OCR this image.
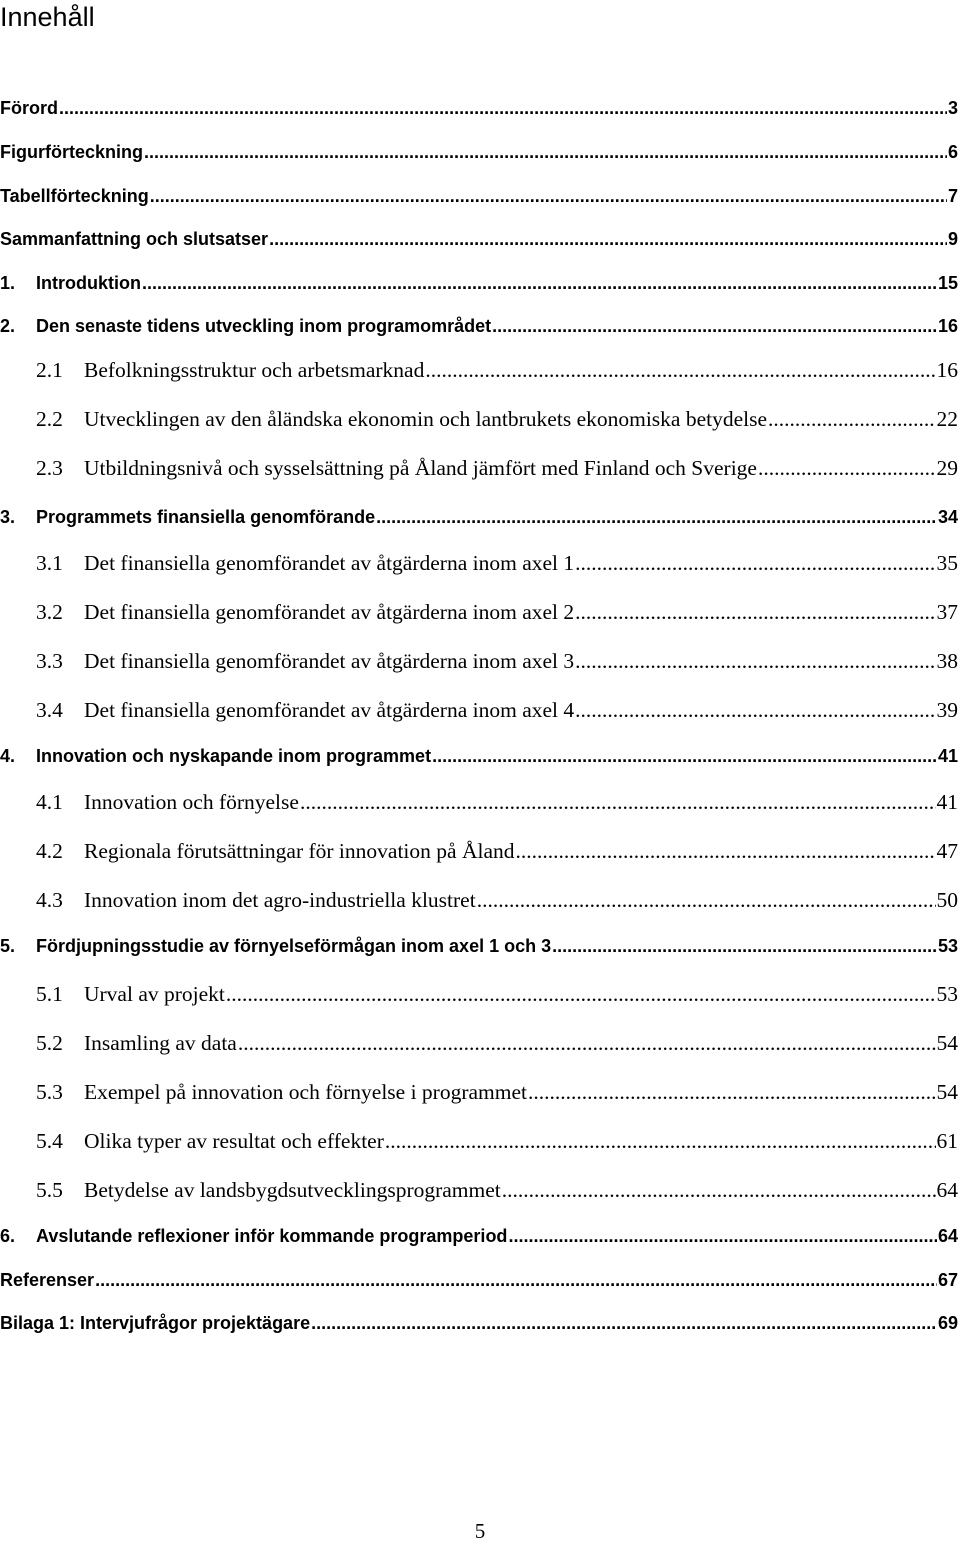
Innehåll
Förord .....	3
Figurförteckning .....	6
Tabellförteckning .....	7
Sammanfattning och slutsatser .....	9
1.	Introduktion .....	15
2.	Den senaste tidens utveckling inom programområdet .....	16
2.1 Befolkningsstruktur och arbetsmarknad .....	16
2.2 Utvecklingen av den åländska ekonomin och lantbrukets ekonomiska betydelse .....	22
2.3 Utbildningsnivå och sysselsättning på Åland jämfört med Finland och Sverige .....	29
3.	Programmets finansiella genomförande .....	34
3.1 Det finansiella genomförandet av åtgärderna inom axel 1 .....	35
3.2 Det finansiella genomförandet av åtgärderna inom axel 2 .....	37
3.3 Det finansiella genomförandet av åtgärderna inom axel 3 .....	38
3.4 Det finansiella genomförandet av åtgärderna inom axel 4 .....	39
4.	Innovation och nyskapande inom programmet .....	41
4.1 Innovation och förnyelse .....	41
4.2 Regionala förutsättningar för innovation på Åland .....	47
4.3 Innovation inom det agro-industriella klustret .....	50
5.	Fördjupningsstudie av förnyelseförmågan inom axel 1 och 3 .....	53
5.1 Urval av projekt .....	53
5.2 Insamling av data .....	54
5.3 Exempel på innovation och förnyelse i programmet .....	54
5.4 Olika typer av resultat och effekter .....	61
5.5 Betydelse av landsbygdsutvecklingsprogrammet .....	64
6.	Avslutande reflexioner inför kommande programperiod .....	64
Referenser .....	67
Bilaga 1: Intervjufrågor projektägare .....	69
5
